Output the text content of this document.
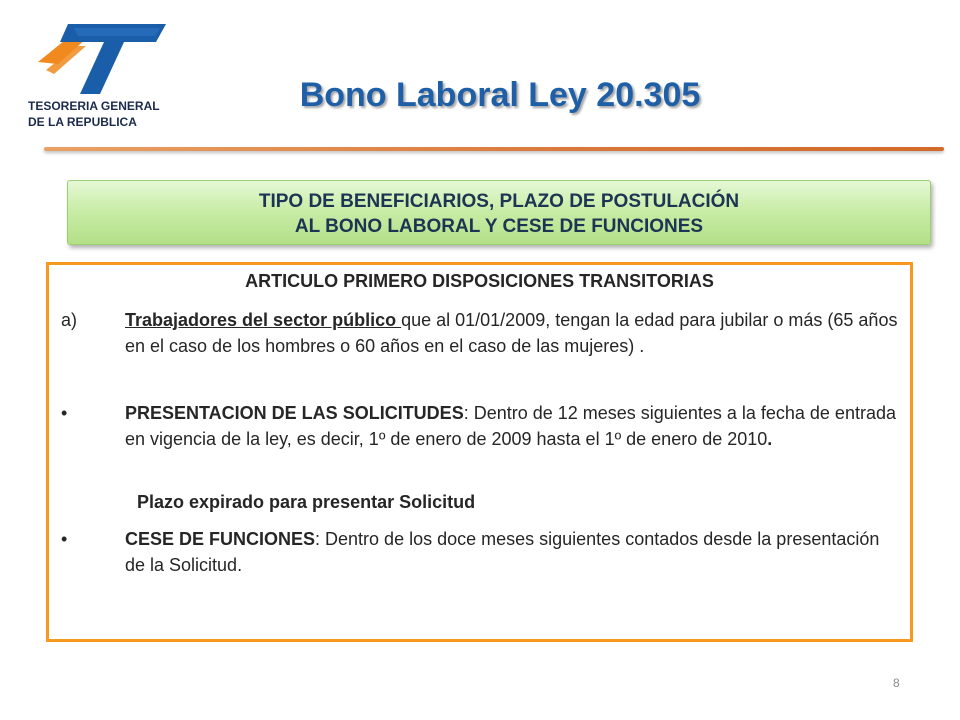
TESORERIA GENERAL
DE LA REPUBLICA
Bono Laboral Ley 20.305
TIPO DE BENEFICIARIOS, PLAZO DE POSTULACIÓN
AL BONO LABORAL Y CESE DE FUNCIONES
ARTICULO PRIMERO DISPOSICIONES TRANSITORIAS
a)	Trabajadores del sector público que al 01/01/2009, tengan la edad para jubilar o más (65 años en el caso de los hombres o 60 años en el caso de las mujeres) .
•	PRESENTACION DE LAS SOLICITUDES: Dentro de 12 meses siguientes a la fecha de entrada en vigencia de la ley, es decir, 1º de enero de 2009 hasta el 1º de enero de 2010.
Plazo expirado para presentar Solicitud
•	CESE DE FUNCIONES: Dentro de los doce meses siguientes contados desde la presentación de la Solicitud.
8
